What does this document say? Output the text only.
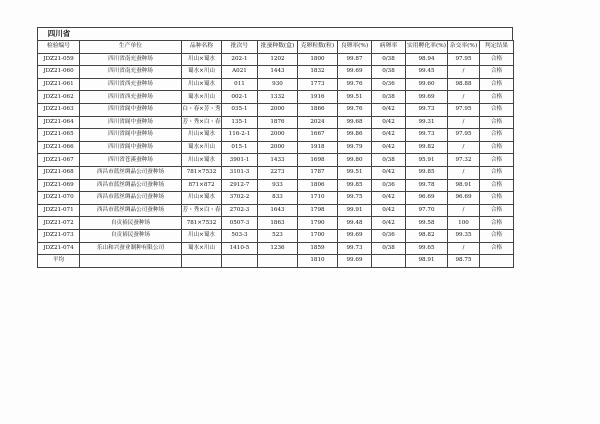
四川省
检验编号	生产单位	品种名称	批次号	批蚕种数(盒)	克卵粒数(粒)	良卵率(%)	病卵率	实用孵化率(%)	杂交率(%)	判定结果
JDZ21-059	四川省南充蚕种场	川山×蜀水	202-1	1202	1800	99.87	0/38	98.94	97.95	合格
JDZ21-060	四川省南充蚕种场	蜀水×川山	A021	1443	1832	99.69	0/38	99.45	/	合格
JDZ21-061	四川省西充蚕种场	川山×蜀水	011	930	1773	99.76	0/36	99.60	98.88	合格
JDZ21-062	四川省西充蚕种场	蜀水×川山	002-1	1332	1916	99.51	0/38	99.69	/	合格
JDZ21-063	四川省阆中蚕种场	白・春×芳・秀	035-1	2000	1866	99.76	0/42	99.73	97.95	合格
JDZ21-064	四川省阆中蚕种场	芳・秀×白・春	135-1	1876	2024	99.68	0/42	99.31	/	合格
JDZ21-065	四川省阆中蚕种场	川山×蜀水	116-2-1	2000	1667	99.86	0/42	99.73	97.95	合格
JDZ21-066	四川省阆中蚕种场	蜀水×川山	015-1	2000	1918	99.79	0/42	99.82	/	合格
JDZ21-067	四川省苍溪蚕种场	川山×蜀水	3901-1	1433	1698	99.80	0/38	95.91	97.32	合格
JDZ21-068	西昌市蓝丝绸晶公司蚕种场	781×7532	3101-3	2273	1787	99.51	0/42	99.85	/	合格
JDZ21-069	西昌市蓝丝绸晶公司蚕种场	871×872	2912-7	933	1806	99.85	0/36	99.78	98.91	合格
JDZ21-070	西昌市蓝丝绸晶公司蚕种场	川山×蜀水	3702-2	833	1710	99.75	0/42	96.69	96.69	合格
JDZ21-071	西昌市蓝丝绸晶公司蚕种场	芳・秀×白・春	2702-3	1643	1798	99.91	0/42	97.70	/	合格
JDZ21-072	自贡裕民蚕种场	781×7532	0507-3	1863	1790	99.48	0/42	99.58	100	合格
JDZ21-073	自贡裕民蚕种场	川山×蜀水	503-3	523	1700	99.69	0/36	98.82	99.35	合格
JDZ21-074	乐山和兴蚕业制种有限公司	蜀水×川山	1410-5	1236	1859	99.73	0/38	99.65	/	合格
平均					1810	99.69		98.91	98.75	
